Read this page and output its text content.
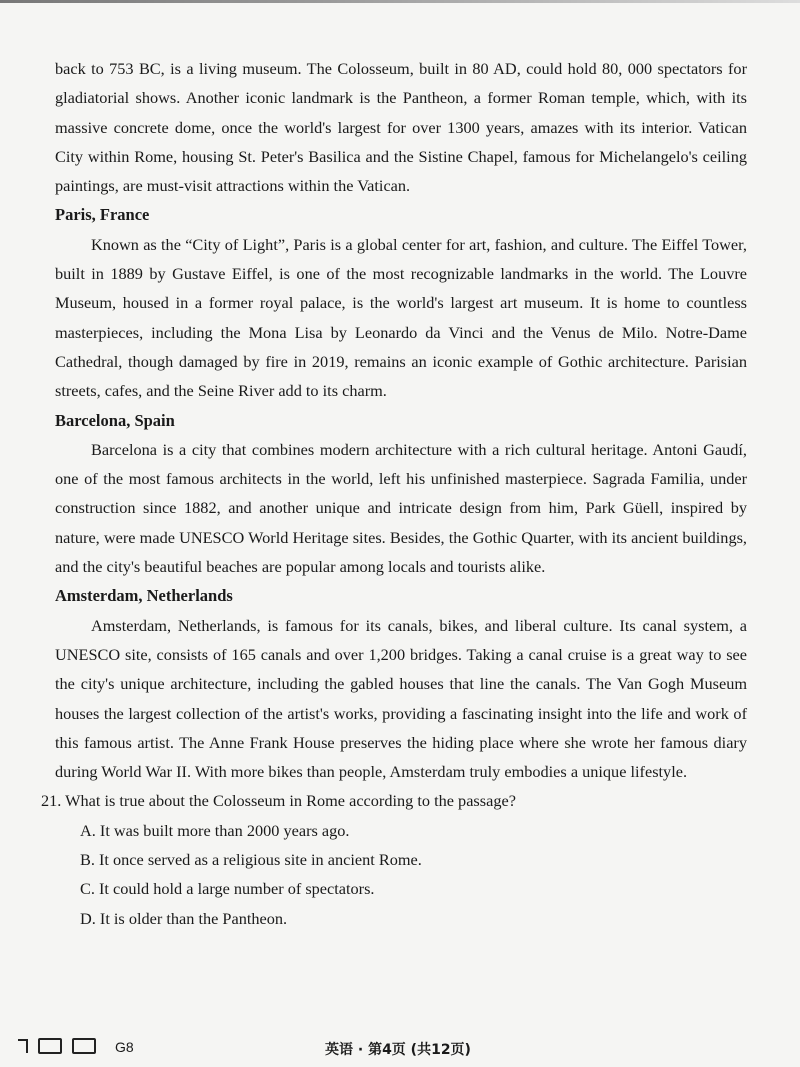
back to 753 BC, is a living museum. The Colosseum, built in 80 AD, could hold 80, 000 spectators for gladiatorial shows. Another iconic landmark is the Pantheon, a former Roman temple, which, with its massive concrete dome, once the world's largest for over 1300 years, amazes with its interior. Vatican City within Rome, housing St. Peter's Basilica and the Sistine Chapel, famous for Michelangelo's ceiling paintings, are must-visit attractions within the Vatican.

Paris, France

Known as the “City of Light”, Paris is a global center for art, fashion, and culture. The Eiffel Tower, built in 1889 by Gustave Eiffel, is one of the most recognizable landmarks in the world. The Louvre Museum, housed in a former royal palace, is the world's largest art museum. It is home to countless masterpieces, including the Mona Lisa by Leonardo da Vinci and the Venus de Milo. Notre-Dame Cathedral, though damaged by fire in 2019, remains an iconic example of Gothic architecture. Parisian streets, cafes, and the Seine River add to its charm.

Barcelona, Spain

Barcelona is a city that combines modern architecture with a rich cultural heritage. Antoni Gaudí, one of the most famous architects in the world, left his unfinished masterpiece. Sagrada Familia, under construction since 1882, and another unique and intricate design from him, Park Güell, inspired by nature, were made UNESCO World Heritage sites. Besides, the Gothic Quarter, with its ancient buildings, and the city's beautiful beaches are popular among locals and tourists alike.

Amsterdam, Netherlands

Amsterdam, Netherlands, is famous for its canals, bikes, and liberal culture. Its canal system, a UNESCO site, consists of 165 canals and over 1,200 bridges. Taking a canal cruise is a great way to see the city's unique architecture, including the gabled houses that line the canals. The Van Gogh Museum houses the largest collection of the artist's works, providing a fascinating insight into the life and work of this famous artist. The Anne Frank House preserves the hiding place where she wrote her famous diary during World War II. With more bikes than people, Amsterdam truly embodies a unique lifestyle.

21. What is true about the Colosseum in Rome according to the passage?
A. It was built more than 2000 years ago.
B. It once served as a religious site in ancient Rome.
C. It could hold a large number of spectators.
D. It is older than the Pantheon.
G8	英语 · 第4页 (共12页)
